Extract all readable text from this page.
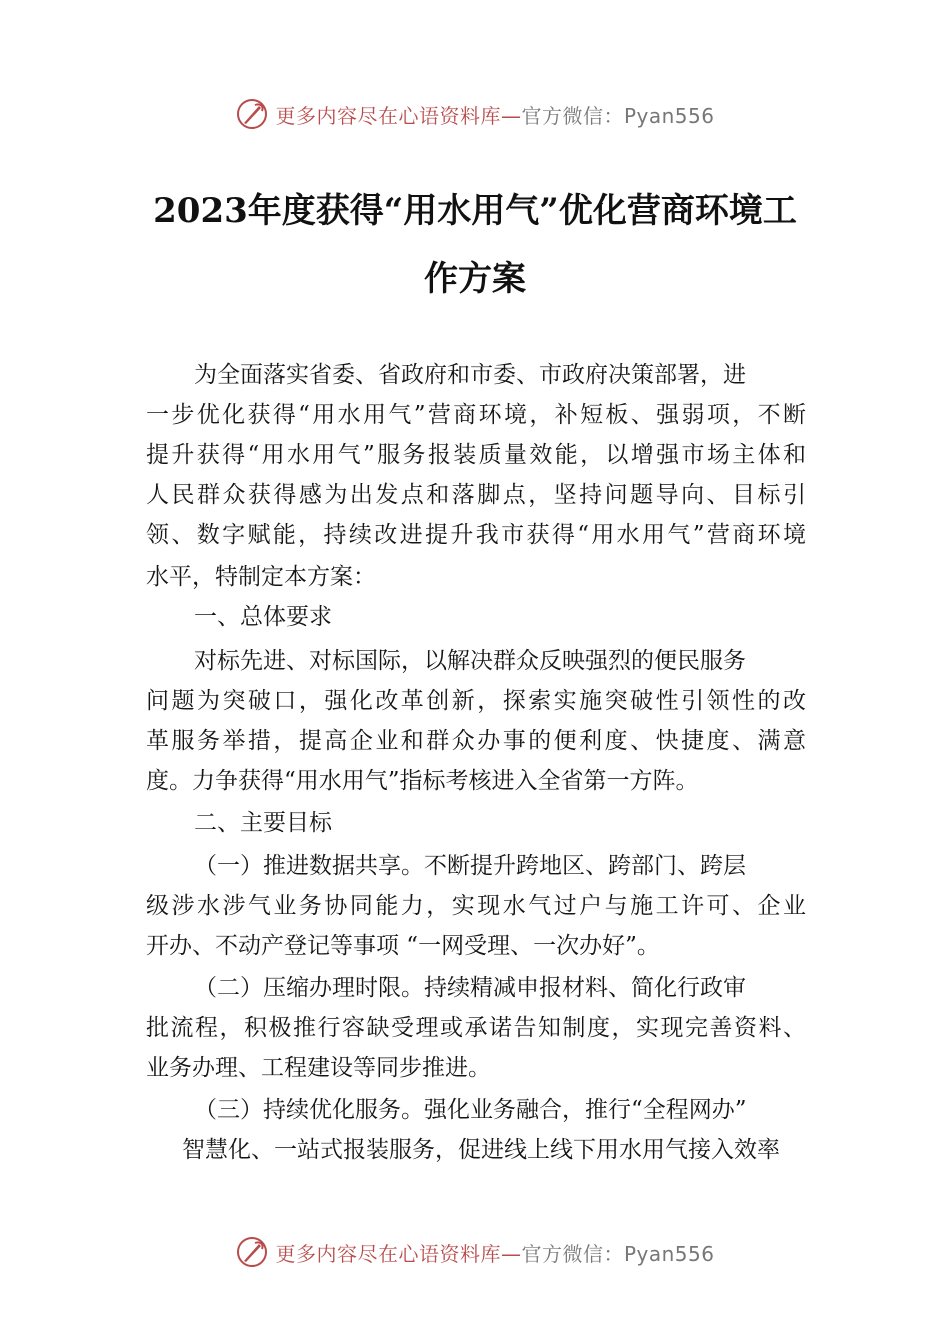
更多内容尽在心语资料库—官方微信：Pyan556
2023年度获得“用水用气”优化营商环境工
作方案
为全面落实省委、省政府和市委、市政府决策部署，进
一步优化获得“用水用气”营商环境，补短板、强弱项，不断
提升获得“用水用气”服务报装质量效能，以增强市场主体和
人民群众获得感为出发点和落脚点，坚持问题导向、目标引
领、数字赋能，持续改进提升我市获得“用水用气”营商环境
水平，特制定本方案：
一、总体要求
对标先进、对标国际，以解决群众反映强烈的便民服务
问题为突破口，强化改革创新，探索实施突破性引领性的改
革服务举措，提高企业和群众办事的便利度、快捷度、满意
度。力争获得“用水用气”指标考核进入全省第一方阵。
二、主要目标
（一）推进数据共享。不断提升跨地区、跨部门、跨层
级涉水涉气业务协同能力，实现水气过户与施工许可、企业
开办、不动产登记等事项 “一网受理、一次办好”。
（二）压缩办理时限。持续精减申报材料、简化行政审
批流程，积极推行容缺受理或承诺告知制度，实现完善资料、
业务办理、工程建设等同步推进。
（三）持续优化服务。强化业务融合，推行“全程网办”
智慧化、一站式报装服务，促进线上线下用水用气接入效率
更多内容尽在心语资料库—官方微信：Pyan556
